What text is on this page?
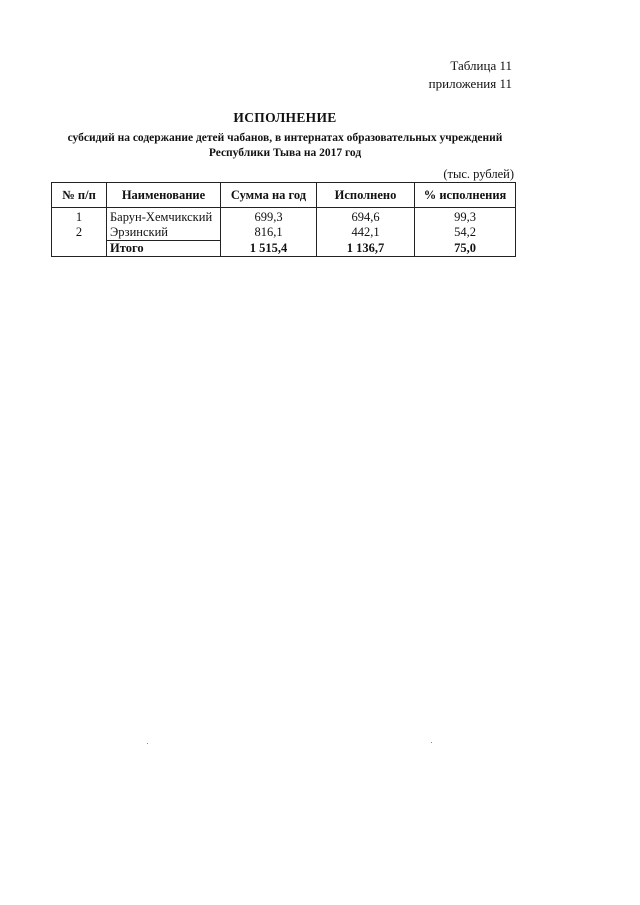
Таблица 11
приложения 11
ИСПОЛНЕНИЕ
субсидий на содержание детей чабанов, в интернатах образовательных учреждений
Республики Тыва на 2017 год
(тыс. рублей)
№ п/п	Наименование	Сумма на год	Исполнено	% исполнения
1	Барун-Хемчикский	699,3	694,6	99,3
2	Эрзинский	816,1	442,1	54,2
	Итого	1 515,4	1 136,7	75,0
